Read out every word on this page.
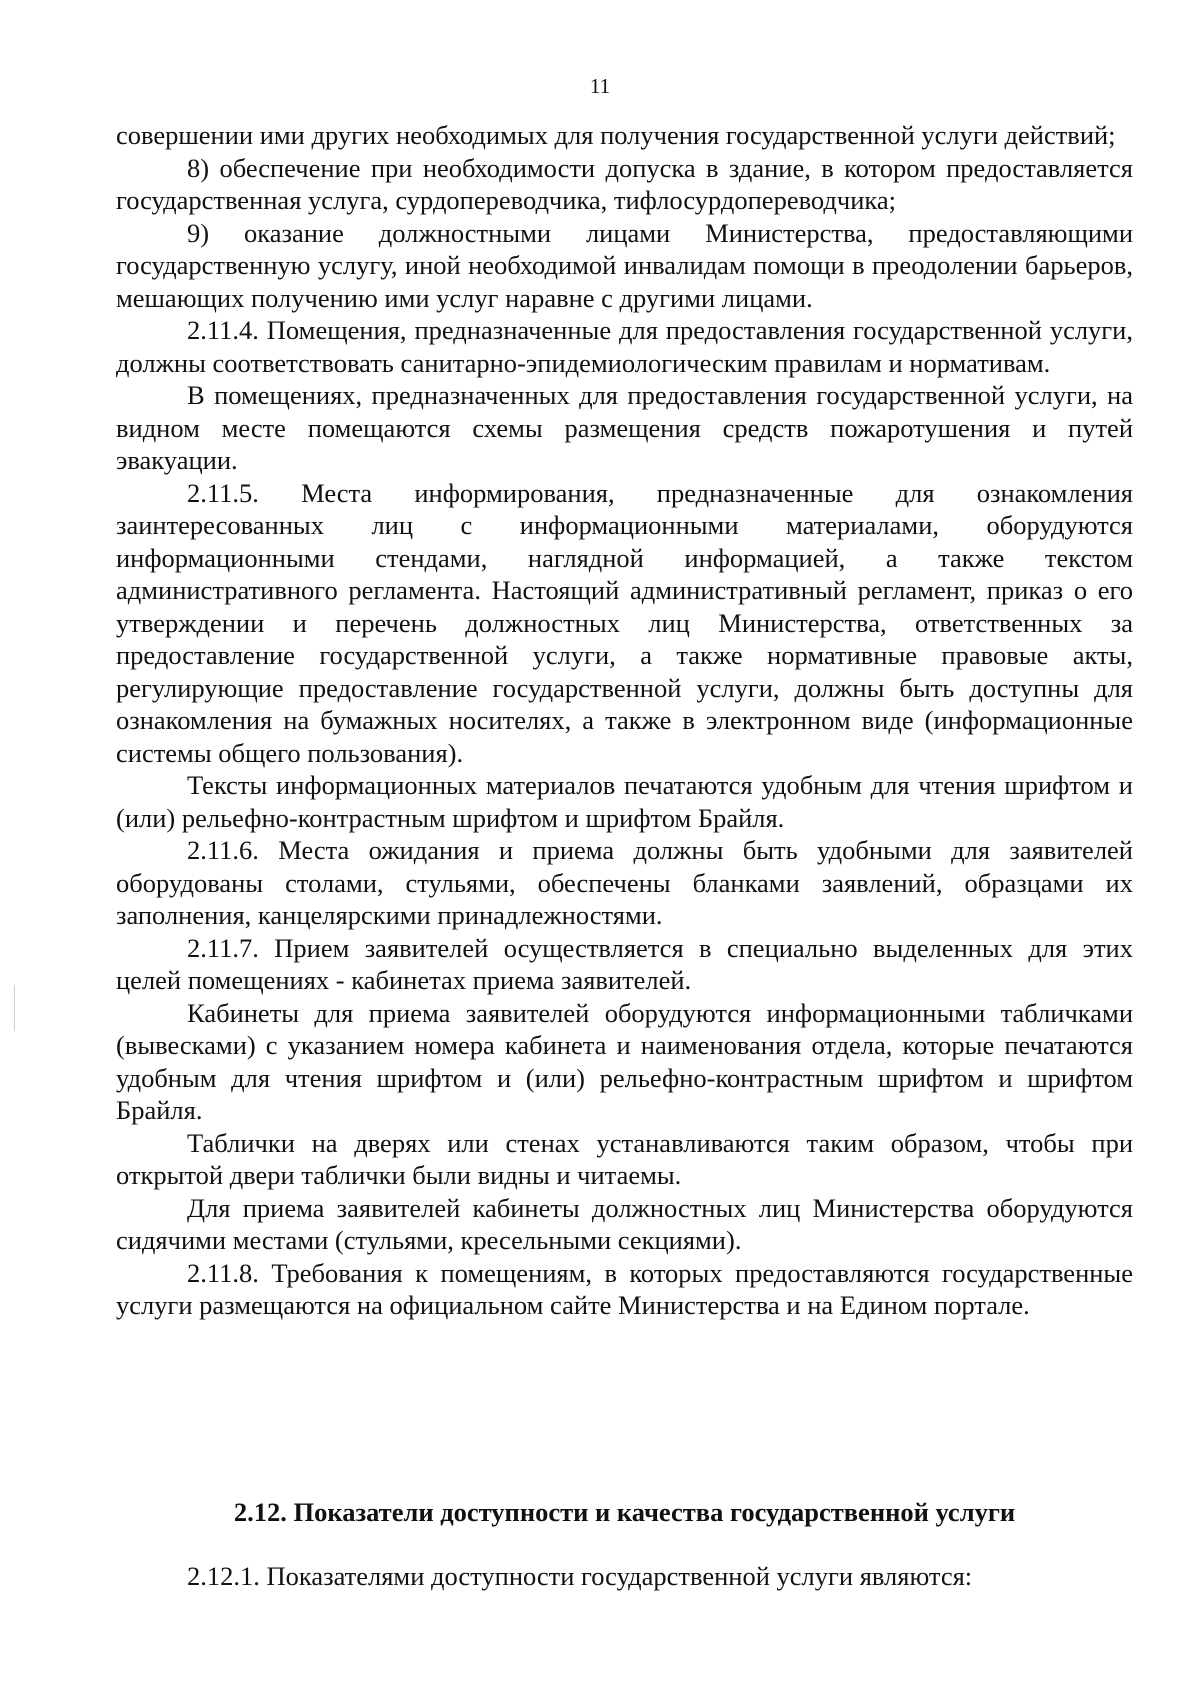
11

совершении ими других необходимых для получения государственной услуги действий;

8) обеспечение при необходимости допуска в здание, в котором предоставляется государственная услуга, сурдопереводчика, тифлосурдопереводчика;

9) оказание должностными лицами Министерства, предоставляющими государственную услугу, иной необходимой инвалидам помощи в преодолении барьеров, мешающих получению ими услуг наравне с другими лицами.

2.11.4. Помещения, предназначенные для предоставления государственной услуги, должны соответствовать санитарно-эпидемиологическим правилам и нормативам.

В помещениях, предназначенных для предоставления государственной услуги, на видном месте помещаются схемы размещения средств пожаротушения и путей эвакуации.

2.11.5. Места информирования, предназначенные для ознакомления заинтересованных лиц с информационными материалами, оборудуются информационными стендами, наглядной информацией, а также текстом административного регламента. Настоящий административный регламент, приказ о его утверждении и перечень должностных лиц Министерства, ответственных за предоставление государственной услуги, а также нормативные правовые акты, регулирующие предоставление государственной услуги, должны быть доступны для ознакомления на бумажных носителях, а также в электронном виде (информационные системы общего пользования).

Тексты информационных материалов печатаются удобным для чтения шрифтом и (или) рельефно-контрастным шрифтом и шрифтом Брайля.

2.11.6. Места ожидания и приема должны быть удобными для заявителей оборудованы столами, стульями, обеспечены бланками заявлений, образцами их заполнения, канцелярскими принадлежностями.

2.11.7. Прием заявителей осуществляется в специально выделенных для этих целей помещениях - кабинетах приема заявителей.

Кабинеты для приема заявителей оборудуются информационными табличками (вывесками) с указанием номера кабинета и наименования отдела, которые печатаются удобным для чтения шрифтом и (или) рельефно-контрастным шрифтом и шрифтом Брайля.

Таблички на дверях или стенах устанавливаются таким образом, чтобы при открытой двери таблички были видны и читаемы.

Для приема заявителей кабинеты должностных лиц Министерства оборудуются сидячими местами (стульями, кресельными секциями).

2.11.8. Требования к помещениям, в которых предоставляются государственные услуги размещаются на официальном сайте Министерства и на Едином портале.

2.12. Показатели доступности и качества государственной услуги
2.12.1. Показателями доступности государственной услуги являются:
